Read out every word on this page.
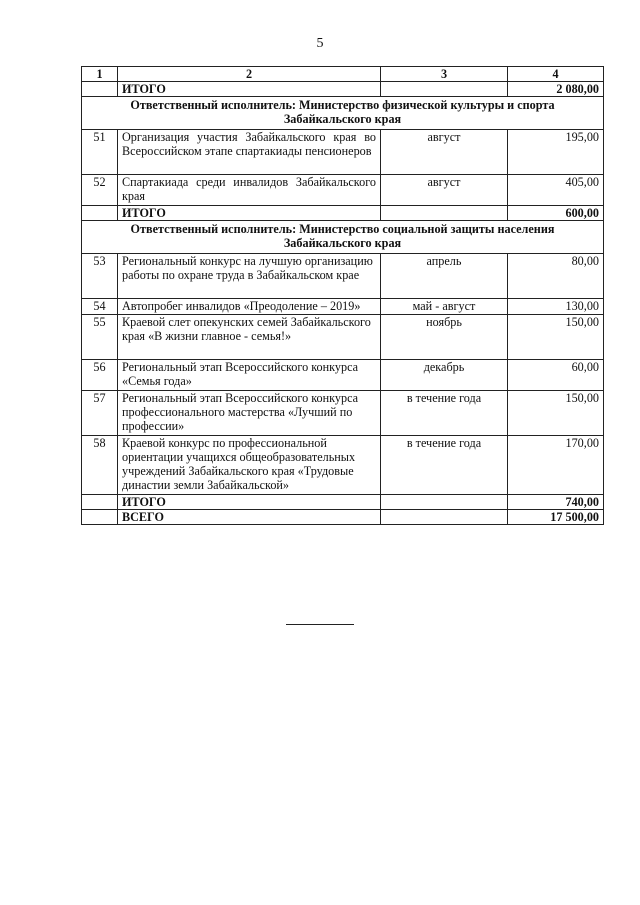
5
1	2	3	4
	ИТОГО		2 080,00
Ответственный исполнитель: Министерство физической культуры и спорта Забайкальского края			
51	Организация участия Забайкальского края во Всероссийском этапе спартакиады пенсионеров	август	195,00
52	Спартакиада среди инвалидов Забайкальского края	август	405,00
	ИТОГО		600,00
Ответственный исполнитель: Министерство социальной защиты населения Забайкальского края			
53	Региональный конкурс на лучшую организацию работы по охране труда в Забайкальском крае	апрель	80,00
54	Автопробег инвалидов «Преодоление – 2019»	май - август	130,00
55	Краевой слет опекунских семей Забайкальского края «В жизни главное - семья!»	ноябрь	150,00
56	Региональный этап Всероссийского конкурса «Семья года»	декабрь	60,00
57	Региональный этап Всероссийского конкурса профессионального мастерства «Лучший по профессии»	в течение года	150,00
58	Краевой конкурс по профессиональной ориентации учащихся общеобразовательных учреждений Забайкальского края «Трудовые династии земли Забайкальской»	в течение года	170,00
	ИТОГО		740,00
	ВСЕГО		17 500,00
